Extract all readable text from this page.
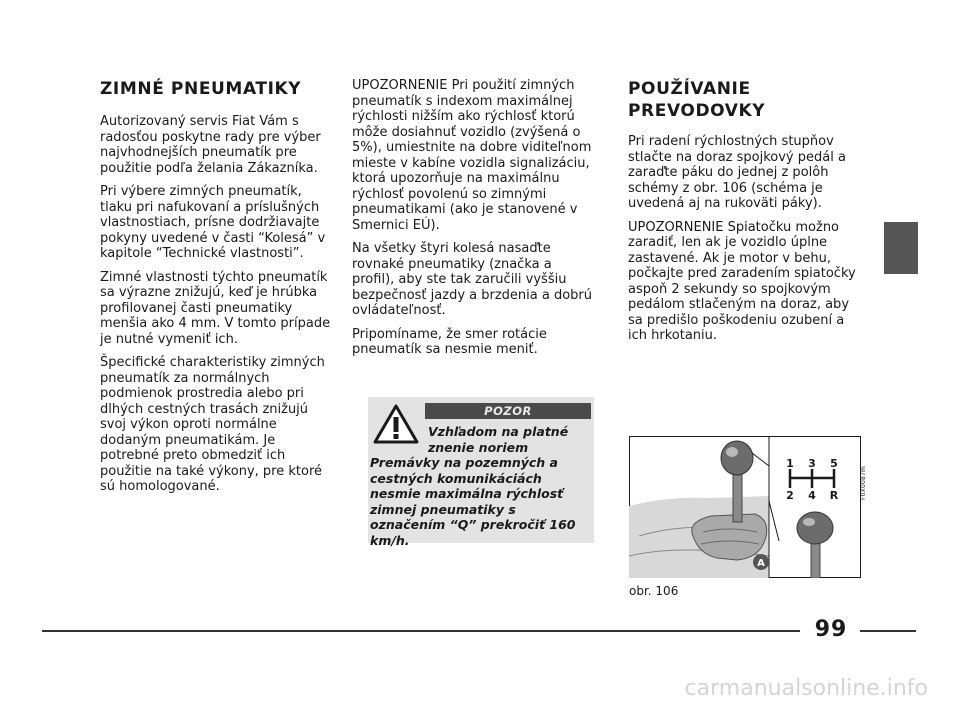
ZIMNÉ PNEUMATIKY

Autorizovaný servis Fiat Vám s radosťou poskytne rady pre výber najvhodnejších pneumatík pre použitie podľa želania Zákazníka.

Pri výbere zimných pneumatík, tlaku pri nafukovaní a príslušných vlastnostiach, prísne dodržiavajte pokyny uvedené v časti “Kolesá” v kapitole “Technické vlastnosti”.

Zimné vlastnosti týchto pneumatík sa výrazne znižujú, keď je hrúbka profilovanej časti pneumatiky menšia ako 4 mm. V tomto prípade je nutné vymeniť ich.

Špecifické charakteristiky zimných pneumatík za normálnych podmienok prostredia alebo pri dlhých cestných trasách znižujú svoj výkon oproti normálne dodaným pneumatikám. Je potrebné preto obmedziť ich použitie na také výkony, pre ktoré sú homologované.

UPOZORNENIE Pri použití zimných pneumatík s indexom maximálnej rýchlosti nižším ako rýchlosť ktorú môže dosiahnuť vozidlo (zvýšená o 5%), umiestnite na dobre viditeľnom mieste v kabíne vozidla signalizáciu, ktorá upozorňuje na maximálnu rýchlosť povolenú so zimnými pneumatikami (ako je stanovené v Smernici EÚ).

Na všetky štyri kolesá nasaďte rovnaké pneumatiky (značka a profil), aby ste tak zaručili vyššiu bezpečnosť jazdy a brzdenia a dobrú ovládateľnosť.

Pripomíname, že smer rotácie pneumatík sa nesmie meniť.

POZOR
Vzhľadom na platné znenie noriem
Premávky na pozemných a cestných komunikáciách nesmie maximálna rýchlosť zimnej pneumatiky s označením “Q” prekročiť 160 km/h.
POUŽÍVANIE
PREVODOVKY

Pri radení rýchlostných stupňov stlačte na doraz spojkový pedál a zaraďte páku do jednej z polôh schémy z obr. 106 (schéma je uvedená aj na rukoväti páky).

UPOZORNENIE Spiatočku možno zaradiť, len ak je vozidlo úplne zastavené. Ak je motor v behu, počkajte pred zaradením spiatočky aspoň 2 sekundy so spojkovým pedálom stlačeným na doraz, aby sa predišlo poškodeniu ozubení a ich hrkotaniu.

1 3 5
2 4 R
A
F0X0087m
obr. 106
99
carmanualsonline.info
